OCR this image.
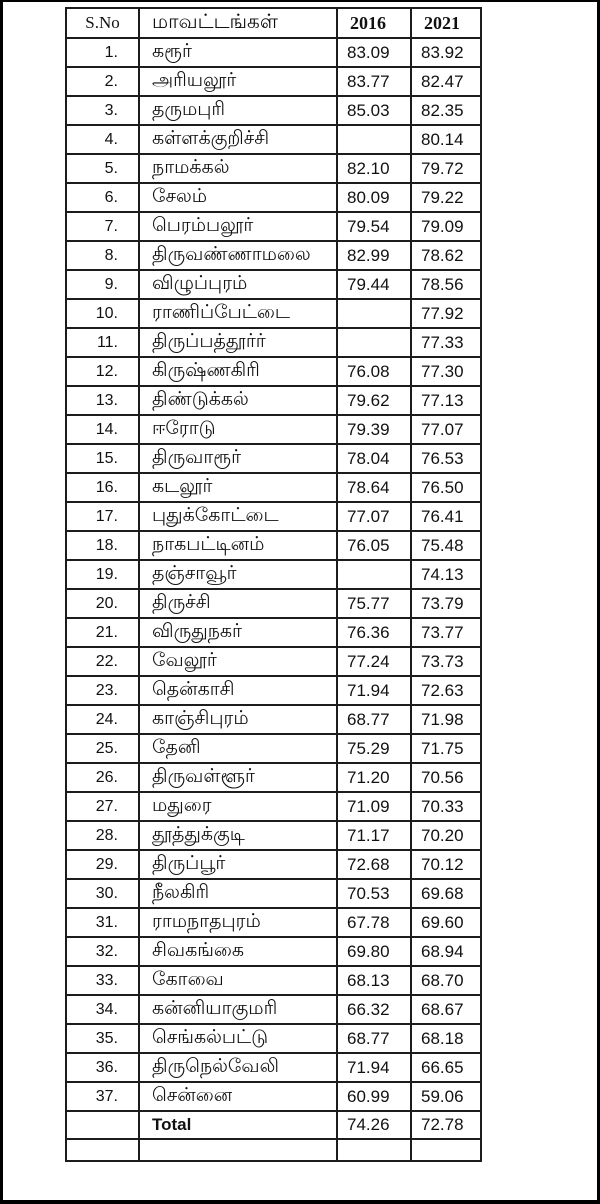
S.No	மாவட்டங்கள்	2016	2021
1.	கரூர்	83.09	83.92
2.	அரியலூர்	83.77	82.47
3.	தருமபுரி	85.03	82.35
4.	கள்ளக்குறிச்சி		80.14
5.	நாமக்கல்	82.10	79.72
6.	சேலம்	80.09	79.22
7.	பெரம்பலூர்	79.54	79.09
8.	திருவண்ணாமலை	82.99	78.62
9.	விழுப்புரம்	79.44	78.56
10.	ராணிப்பேட்டை		77.92
11.	திருப்பத்தூர்ர்		77.33
12.	கிருஷ்ணகிரி	76.08	77.30
13.	திண்டுக்கல்	79.62	77.13
14.	ஈரோடு	79.39	77.07
15.	திருவாரூர்	78.04	76.53
16.	கடலூர்	78.64	76.50
17.	புதுக்கோட்டை	77.07	76.41
18.	நாகபட்டினம்	76.05	75.48
19.	தஞ்சாவூர்		74.13
20.	திருச்சி	75.77	73.79
21.	விருதுநகர்	76.36	73.77
22.	வேலூர்	77.24	73.73
23.	தென்காசி	71.94	72.63
24.	காஞ்சிபுரம்	68.77	71.98
25.	தேனி	75.29	71.75
26.	திருவள்ளூர்	71.20	70.56
27.	மதுரை	71.09	70.33
28.	தூத்துக்குடி	71.17	70.20
29.	திருப்பூர்	72.68	70.12
30.	நீலகிரி	70.53	69.68
31.	ராமநாதபுரம்	67.78	69.60
32.	சிவகங்கை	69.80	68.94
33.	கோவை	68.13	68.70
34.	கன்னியாகுமரி	66.32	68.67
35.	செங்கல்பட்டு	68.77	68.18
36.	திருநெல்வேலி	71.94	66.65
37.	சென்னை	60.99	59.06
	Total	74.26	72.78
